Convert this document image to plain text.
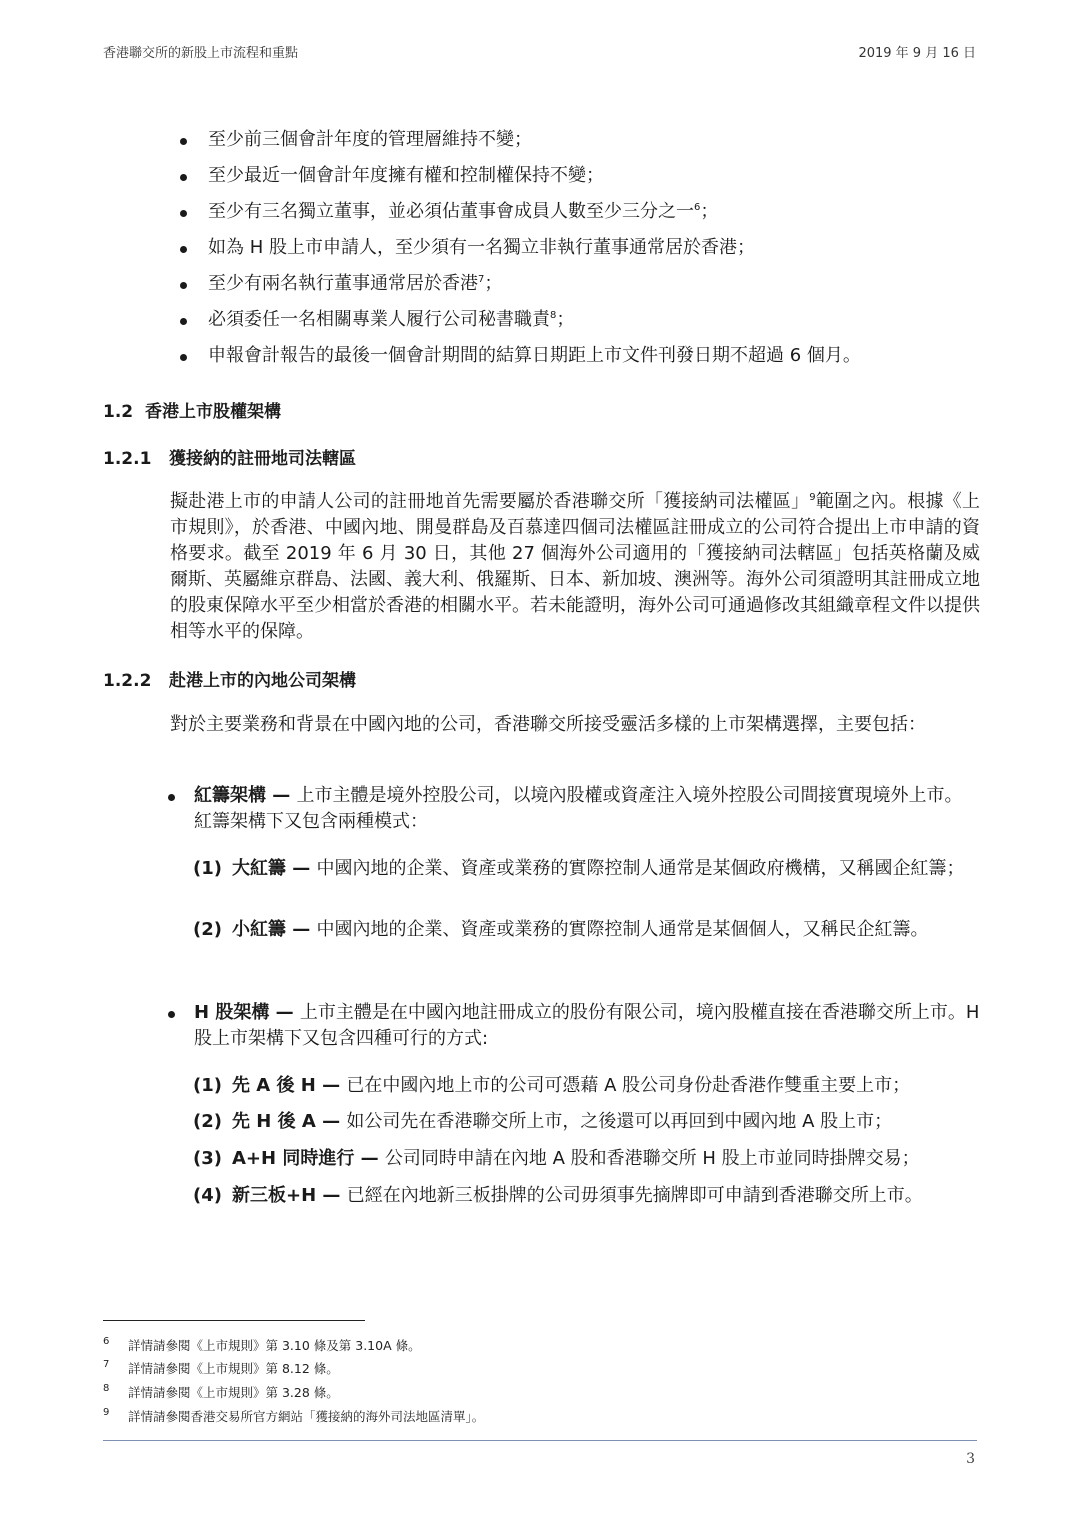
香港聯交所的新股上市流程和重點	2019 年 9 月 16 日
至少前三個會計年度的管理層維持不變；
至少最近一個會計年度擁有權和控制權保持不變；
至少有三名獨立董事，並必須佔董事會成員人數至少三分之一$^6$；
如為 H 股上市申請人，至少須有一名獨立非執行董事通常居於香港；
至少有兩名執行董事通常居於香港$^7$；
必須委任一名相關專業人履行公司秘書職責$^8$；
申報會計報告的最後一個會計期間的結算日期距上市文件刊發日期不超過 6 個月。
1.2 香港上市股權架構
1.2.1 獲接納的註冊地司法轄區
擬赴港上市的申請人公司的註冊地首先需要屬於香港聯交所「獲接納司法權區」$^9$範圍之內。根據《上市規則》，於香港、中國內地、開曼群島及百慕達四個司法權區註冊成立的公司符合提出上市申請的資格要求。截至 2019 年 6 月 30 日，其他 27 個海外公司適用的「獲接納司法轄區」包括英格蘭及威爾斯、英屬維京群島、法國、義大利、俄羅斯、日本、新加坡、澳洲等。海外公司須證明其註冊成立地的股東保障水平至少相當於香港的相關水平。若未能證明，海外公司可通過修改其組織章程文件以提供相等水平的保障。
1.2.2 赴港上市的內地公司架構
對於主要業務和背景在中國內地的公司，香港聯交所接受靈活多樣的上市架構選擇，主要包括：
紅籌架構 — 上市主體是境外控股公司，以境內股權或資產注入境外控股公司間接實現境外上市。紅籌架構下又包含兩種模式：
(1) 大紅籌 — 中國內地的企業、資產或業務的實際控制人通常是某個政府機構，又稱國企紅籌；
(2) 小紅籌 — 中國內地的企業、資產或業務的實際控制人通常是某個個人，又稱民企紅籌。
H 股架構 — 上市主體是在中國內地註冊成立的股份有限公司，境內股權直接在香港聯交所上市。H 股上市架構下又包含四種可行的方式:
(1) 先 A 後 H — 已在中國內地上市的公司可憑藉 A 股公司身份赴香港作雙重主要上市；
(2) 先 H 後 A — 如公司先在香港聯交所上市，之後還可以再回到中國內地 A 股上市；
(3) A+H 同時進行 — 公司同時申請在內地 A 股和香港聯交所 H 股上市並同時掛牌交易；
(4) 新三板+H — 已經在內地新三板掛牌的公司毋須事先摘牌即可申請到香港聯交所上市。
6 詳情請參閱《上市規則》第 3.10 條及第 3.10A 條。
7 詳情請參閱《上市規則》第 8.12 條。
8 詳情請參閱《上市規則》第 3.28 條。
9 詳情請參閱香港交易所官方網站「獲接納的海外司法地區清單」。
3
